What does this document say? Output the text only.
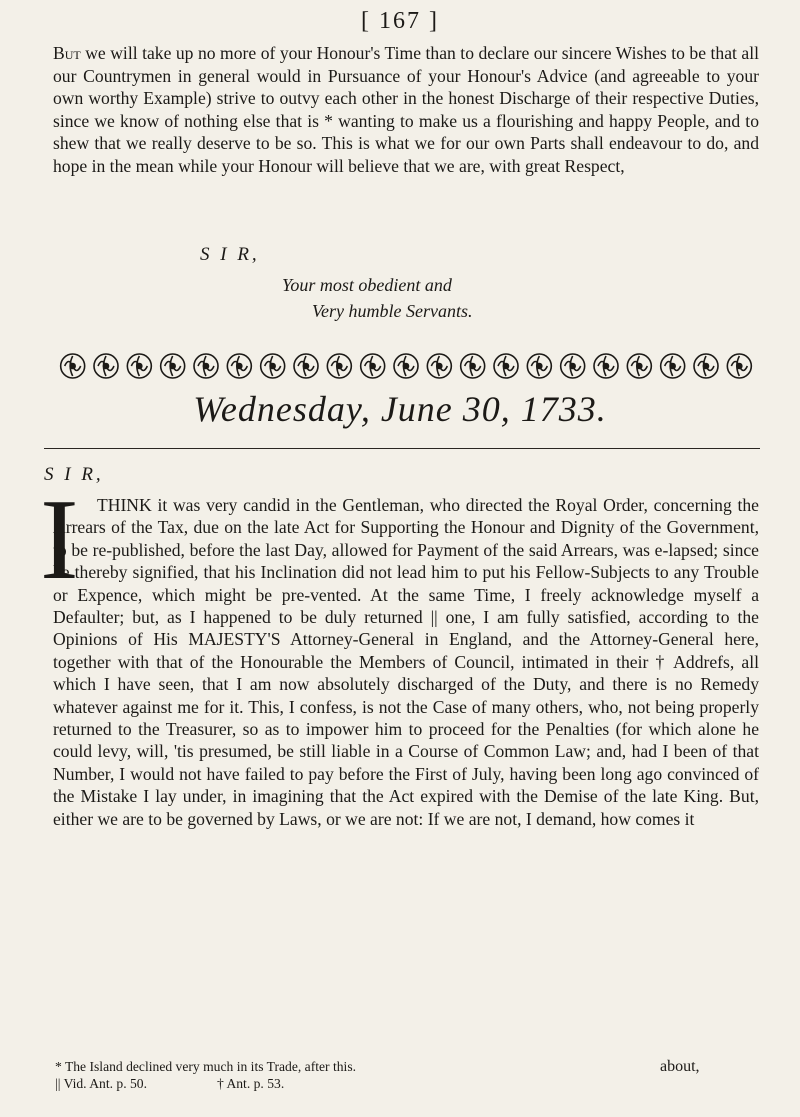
[ 167 ]
But we will take up no more of your Honour's Time than to declare our sincere Wishes to be that all our Countrymen in general would in Pursuance of your Honour's Advice (and agreeable to your own worthy Example) strive to outvy each other in the honest Discharge of their respective Duties, since we know of nothing else that is * wanting to make us a flourishing and happy People, and to shew that we really deserve to be so. This is what we for our own Parts shall endeavour to do, and hope in the mean while your Honour will believe that we are, with great Respect,
S I R,
Your most obedient and
Very humble Servants.
Wednesday, June 30, 1733.
S I R,
I	THINK it was very candid in the Gentleman, who directed the Royal Order, concerning the Arrears of the Tax, due on the late Act for Supporting the Honour and Dignity of the Government, to be re-published, before the last Day, allowed for Payment of the said Arrears, was e-lapsed; since he thereby signified, that his Inclination did not lead him to put his Fellow-Subjects to any Trouble or Expence, which might be pre-vented. At the same Time, I freely acknowledge myself a Defaulter; but, as I happened to be duly returned || one, I am fully satisfied, according to the Opinions of His MAJESTY'S Attorney-General in England, and the Attorney-General here, together with that of the Honourable the Members of Council, intimated in their † Addrefs, all which I have seen, that I am now absolutely discharged of the Duty, and there is no Remedy whatever against me for it. This, I confess, is not the Case of many others, who, not being properly returned to the Treasurer, so as to impower him to proceed for the Penalties (for which alone he could levy, will, 'tis presumed, be still liable in a Course of Common Law; and, had I been of that Number, I would not have failed to pay before the First of July, having been long ago convinced of the Mistake I lay under, in imagining that the Act expired with the Demise of the late King. But, either we are to be governed by Laws, or we are not: If we are not, I demand, how comes it
* The Island declined very much in its Trade, after this.
|| Vid. Ant. p. 50.	† Ant. p. 53.
about,
